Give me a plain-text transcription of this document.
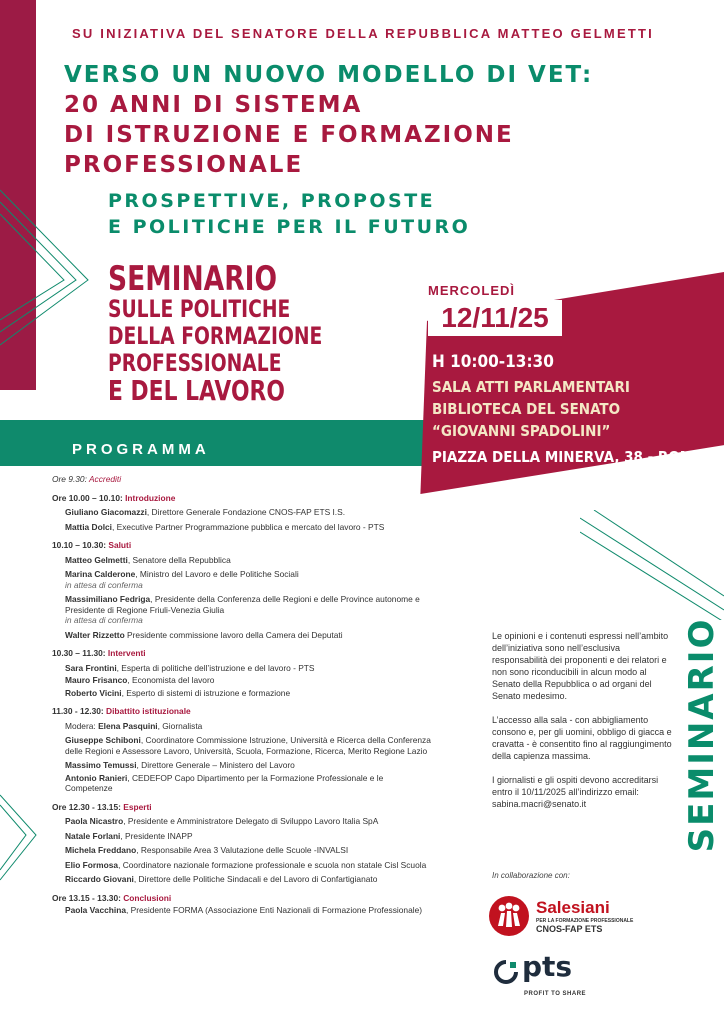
SU INIZIATIVA DEL SENATORE DELLA REPUBBLICA MATTEO GELMETTI
VERSO UN NUOVO MODELLO DI VET:
20 ANNI DI SISTEMA
DI ISTRUZIONE E FORMAZIONE
PROFESSIONALE
PROSPETTIVE, PROPOSTE
E POLITICHE PER IL FUTURO
SEMINARIO
SULLE POLITICHE
DELLA FORMAZIONE
PROFESSIONALE
E DEL LAVORO
MERCOLEDÌ
12/11/25
H 10:00-13:30
SALA ATTI PARLAMENTARI
BIBLIOTECA DEL SENATO
“GIOVANNI SPADOLINI”
PIAZZA DELLA MINERVA, 38 - ROMA
PROGRAMMA
Ore 9.30: Accrediti
Ore 10.00 – 10.10: Introduzione
Giuliano Giacomazzi, Direttore Generale Fondazione CNOS-FAP ETS I.S.
Mattia Dolci, Executive Partner Programmazione pubblica e mercato del lavoro - PTS
10.10 – 10.30: Saluti
Matteo Gelmetti, Senatore della Repubblica
Marina Calderone, Ministro del Lavoro e delle Politiche Sociali
in attesa di conferma
Massimiliano Fedriga, Presidente della Conferenza delle Regioni e delle Province autonome e Presidente di Regione Friuli-Venezia Giulia
in attesa di conferma
Walter Rizzetto Presidente commissione lavoro della Camera dei Deputati
10.30 – 11.30: Interventi
Sara Frontini, Esperta di politiche dell’istruzione e del lavoro - PTS
Mauro Frisanco, Economista del lavoro
Roberto Vicini, Esperto di sistemi di istruzione e formazione
11.30 - 12.30: Dibattito istituzionale
Modera: Elena Pasquini, Giornalista
Giuseppe Schiboni, Coordinatore Commissione Istruzione, Università e Ricerca della Conferenza delle Regioni e Assessore Lavoro, Università, Scuola, Formazione, Ricerca, Merito Regione Lazio
Massimo Temussi, Direttore Generale – Ministero del Lavoro
Antonio Ranieri, CEDEFOP Capo Dipartimento per la Formazione Professionale e le Competenze
Ore 12.30 - 13.15: Esperti
Paola Nicastro, Presidente e Amministratore Delegato di Sviluppo Lavoro Italia SpA
Natale Forlani, Presidente INAPP
Michela Freddano, Responsabile Area 3 Valutazione delle Scuole -INVALSI
Elio Formosa, Coordinatore nazionale formazione professionale e scuola non statale Cisl Scuola
Riccardo Giovani, Direttore delle Politiche Sindacali e del Lavoro di Confartigianato
Ore 13.15 - 13.30: Conclusioni
Paola Vacchina, Presidente FORMA (Associazione Enti Nazionali di Formazione Professionale)

Le opinioni e i contenuti espressi nell’ambito dell’iniziativa sono nell’esclusiva responsabilità dei proponenti e dei relatori e non sono riconducibili in alcun modo al Senato della Repubblica o ad organi del Senato medesimo.

L’accesso alla sala - con abbigliamento consono e, per gli uomini, obbligo di giacca e cravatta - è consentito fino al raggiungimento della capienza massima.

I giornalisti e gli ospiti devono accreditarsi entro il 10/11/2025 all’indirizzo email: sabina.macri@senato.it

In collaborazione con:
SEMINARIO
Salesiani
PER LA FORMAZIONE PROFESSIONALE
CNOS-FAP ETS
pts
PROFIT TO SHARE
